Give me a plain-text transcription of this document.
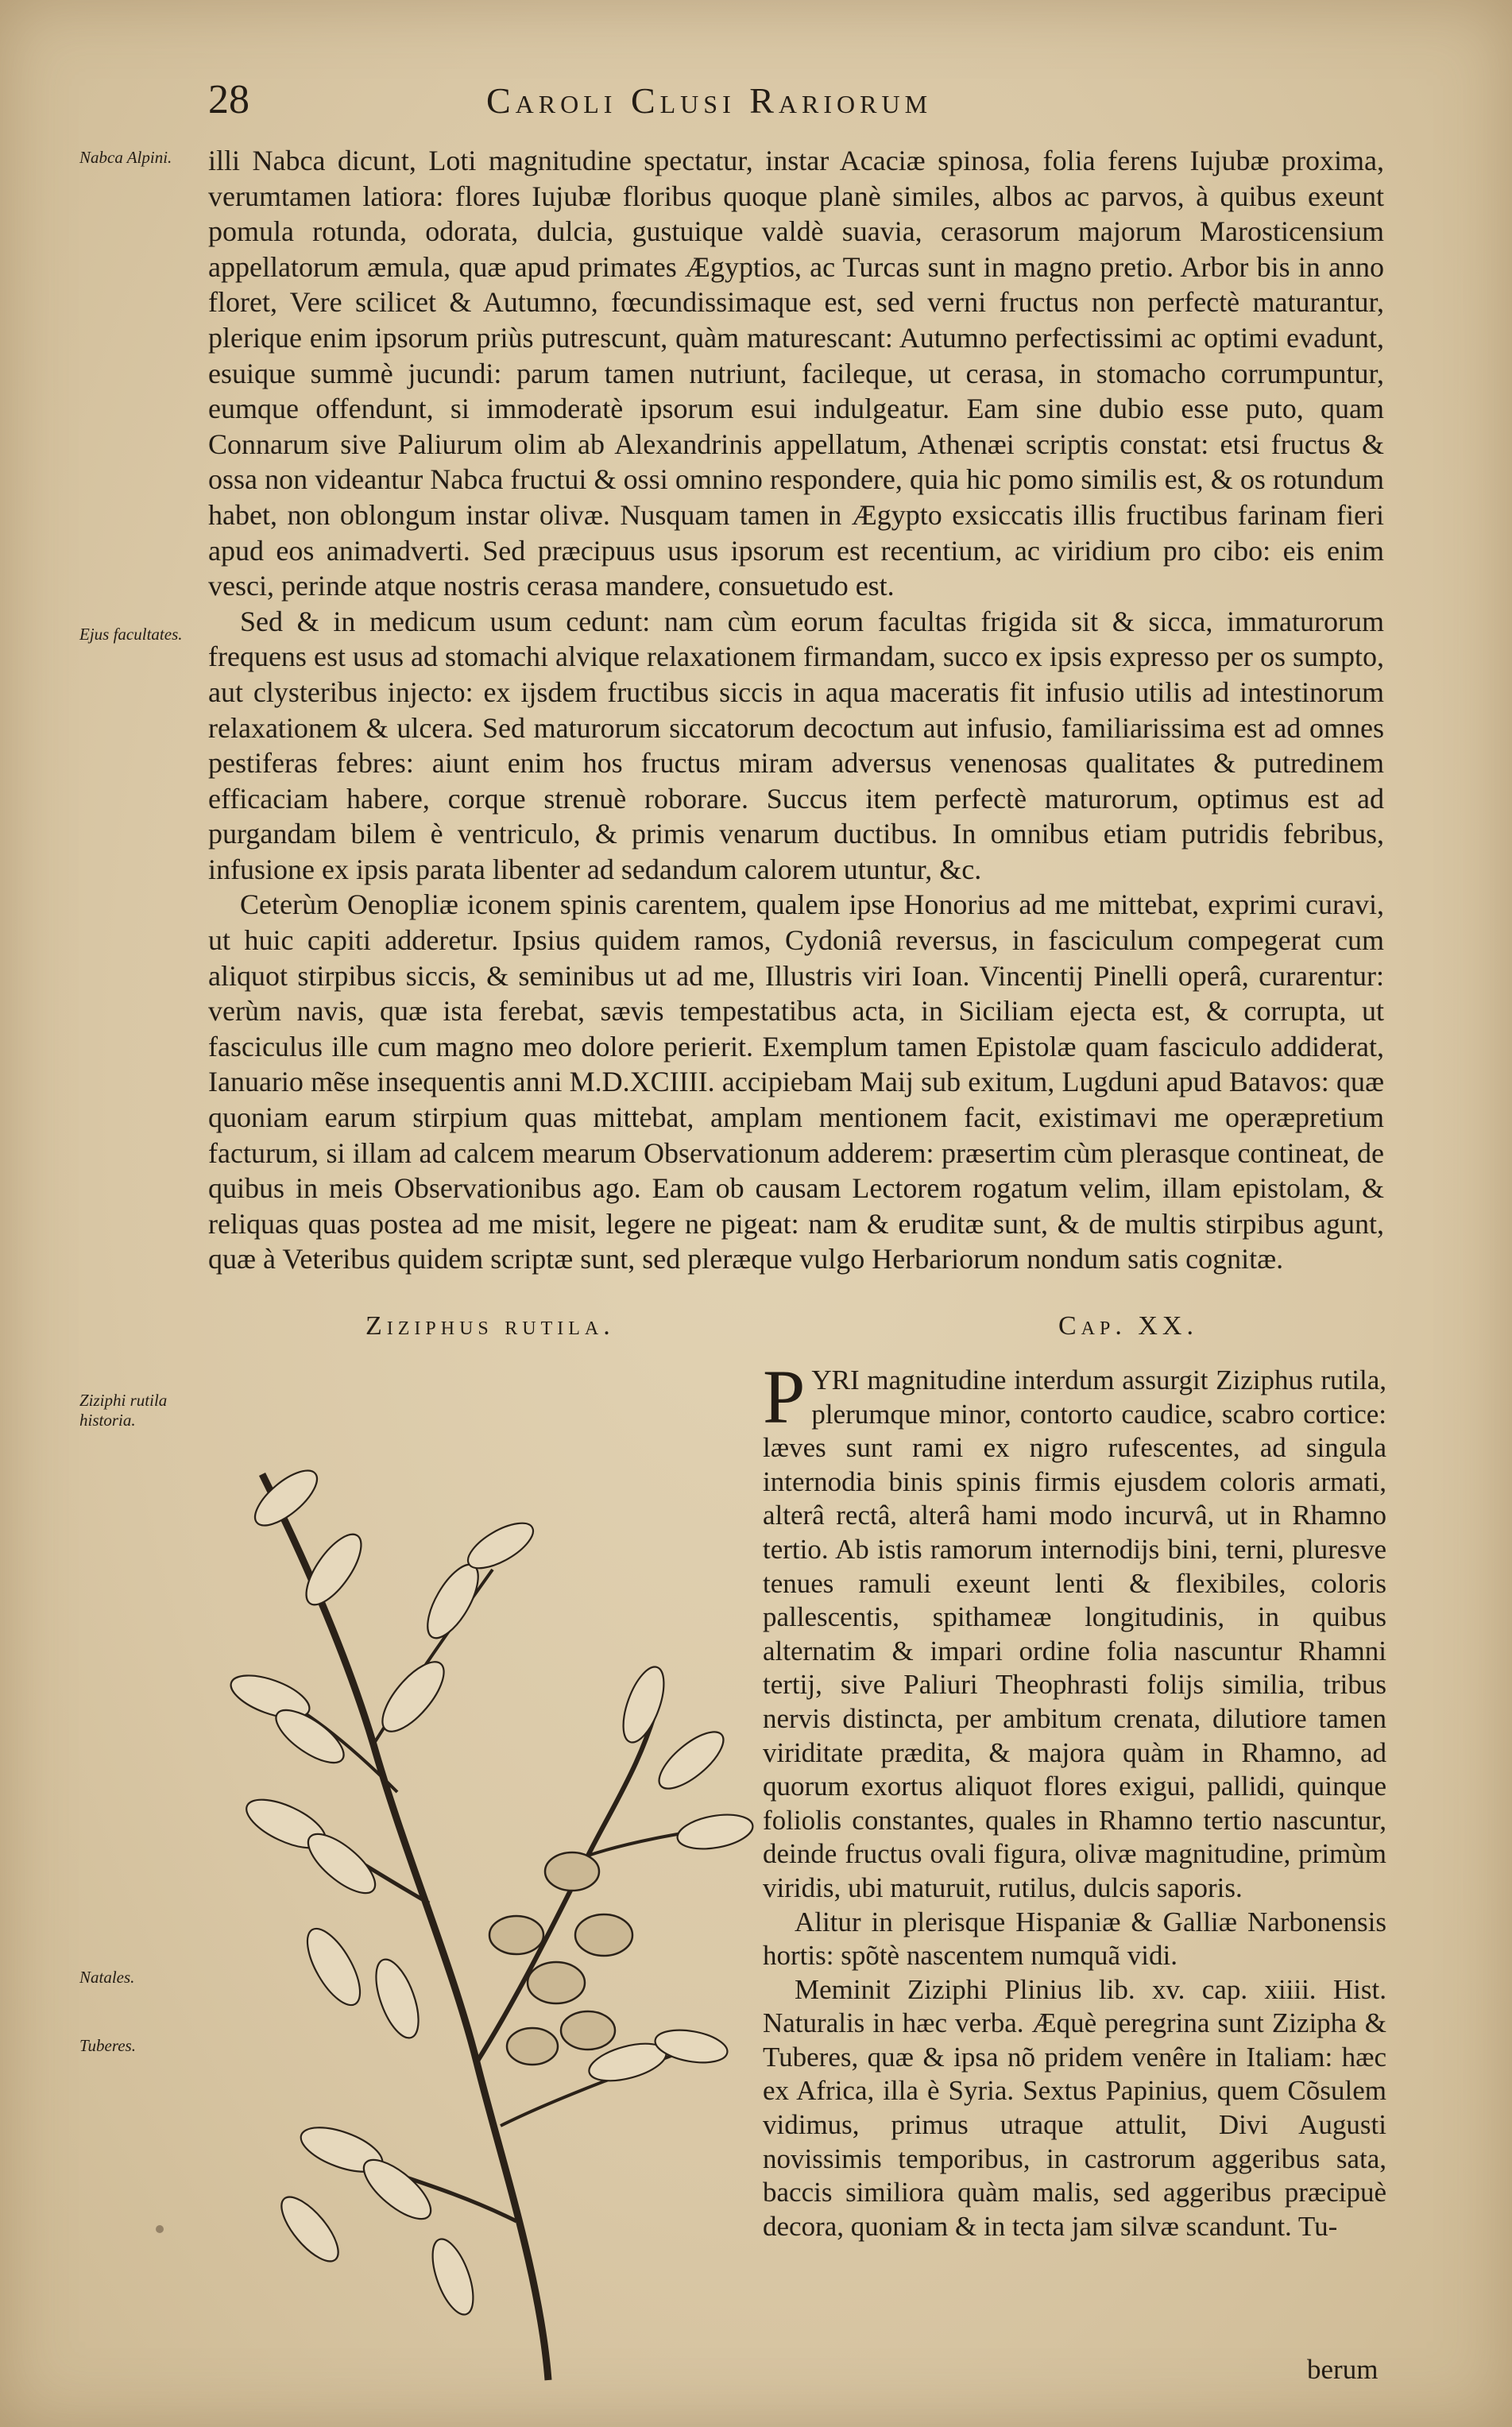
28	Caroli Clusi Rariorum
Nabca Alpini.
Ejus facultates.
Ziziphi rutila historia.
Natales.
Tuberes.

illi Nabca dicunt, Loti magnitudine spectatur, instar Acaciæ spinosa, folia ferens Iujubæ proxima, verumtamen latiora: flores Iujubæ floribus quoque planè similes, albos ac parvos, à quibus exeunt pomula rotunda, odorata, dulcia, gustuique valdè suavia, cerasorum majorum Marosticensium appellatorum æmula, quæ apud primates Ægyptios, ac Turcas sunt in magno pretio. Arbor bis in anno floret, Vere scilicet & Autumno, fœcundissimaque est, sed verni fructus non perfectè maturantur, plerique enim ipsorum priùs putrescunt, quàm maturescant: Autumno perfectissimi ac optimi evadunt, esuique summè jucundi: parum tamen nutriunt, facileque, ut cerasa, in stomacho corrumpuntur, eumque offendunt, si immoderatè ipsorum esui indulgeatur. Eam sine dubio esse puto, quam Connarum sive Paliurum olim ab Alexandrinis appellatum, Athenæi scriptis constat: etsi fructus & ossa non videantur Nabca fructui & ossi omnino respondere, quia hic pomo similis est, & os rotundum habet, non oblongum instar olivæ. Nusquam tamen in Ægypto exsiccatis illis fructibus farinam fieri apud eos animadverti. Sed præcipuus usus ipsorum est recentium, ac viridium pro cibo: eis enim vesci, perinde atque nostris cerasa mandere, consuetudo est.

Sed & in medicum usum cedunt: nam cùm eorum facultas frigida sit & sicca, immaturorum frequens est usus ad stomachi alvique relaxationem firmandam, succo ex ipsis expresso per os sumpto, aut clysteribus injecto: ex ijsdem fructibus siccis in aqua maceratis fit infusio utilis ad intestinorum relaxationem & ulcera. Sed maturorum siccatorum decoctum aut infusio, familiarissima est ad omnes pestiferas febres: aiunt enim hos fructus miram adversus venenosas qualitates & putredinem efficaciam habere, corque strenuè roborare. Succus item perfectè maturorum, optimus est ad purgandam bilem è ventriculo, & primis venarum ductibus. In omnibus etiam putridis febribus, infusione ex ipsis parata libenter ad sedandum calorem utuntur, &c.

Ceterùm Oenopliæ iconem spinis carentem, qualem ipse Honorius ad me mittebat, exprimi curavi, ut huic capiti adderetur. Ipsius quidem ramos, Cydoniâ reversus, in fasciculum compegerat cum aliquot stirpibus siccis, & seminibus ut ad me, Illustris viri Ioan. Vincentij Pinelli operâ, curarentur: verùm navis, quæ ista ferebat, sævis tempestatibus acta, in Siciliam ejecta est, & corrupta, ut fasciculus ille cum magno meo dolore perierit. Exemplum tamen Epistolæ quam fasciculo addiderat, Ianuario mẽse insequentis anni M.D.XCIIII. accipiebam Maij sub exitum, Lugduni apud Batavos: quæ quoniam earum stirpium quas mittebat, amplam mentionem facit, existimavi me operæpretium facturum, si illam ad calcem mearum Observationum adderem: præsertim cùm plerasque contineat, de quibus in meis Observationibus ago. Eam ob causam Lectorem rogatum velim, illam epistolam, & reliquas quas postea ad me misit, legere ne pigeat: nam & eruditæ sunt, & de multis stirpibus agunt, quæ à Veteribus quidem scriptæ sunt, sed pleræque vulgo Herbariorum nondum satis cognitæ.

Ziziphus rutila.	Cap. XX.

P YRI magnitudine interdum assurgit Ziziphus rutila, plerumque minor, contorto caudice, scabro cortice: læves sunt rami ex nigro rufescentes, ad singula internodia binis spinis firmis ejusdem coloris armati, alterâ rectâ, alterâ hami modo incurvâ, ut in Rhamno tertio. Ab istis ramorum internodijs bini, terni, pluresve tenues ramuli exeunt lenti & flexibiles, coloris pallescentis, spithameæ longitudinis, in quibus alternatim & impari ordine folia nascuntur Rhamni tertij, sive Paliuri Theophrasti folijs similia, tribus nervis distincta, per ambitum crenata, dilutiore tamen viriditate prædita, & majora quàm in Rhamno, ad quorum exortus aliquot flores exigui, pallidi, quinque foliolis constantes, quales in Rhamno tertio nascuntur, deinde fructus ovali figura, olivæ magnitudine, primùm viridis, ubi maturuit, rutilus, dulcis saporis.

Alitur in plerisque Hispaniæ & Galliæ Narbonensis hortis: spõtè nascentem numquã vidi.

Meminit Ziziphi Plinius lib. xv. cap. xiiii. Hist. Naturalis in hæc verba. Æquè peregrina sunt Zizipha & Tuberes, quæ & ipsa nõ pridem venêre in Italiam: hæc ex Africa, illa è Syria. Sextus Papinius, quem Cõsulem vidimus, primus utraque attulit, Divi Augusti novissimis temporibus, in castrorum aggeribus sata, baccis similiora quàm malis, sed aggeribus præcipuè decora, quoniam & in tecta jam silvæ scandunt. Tu-

berum
